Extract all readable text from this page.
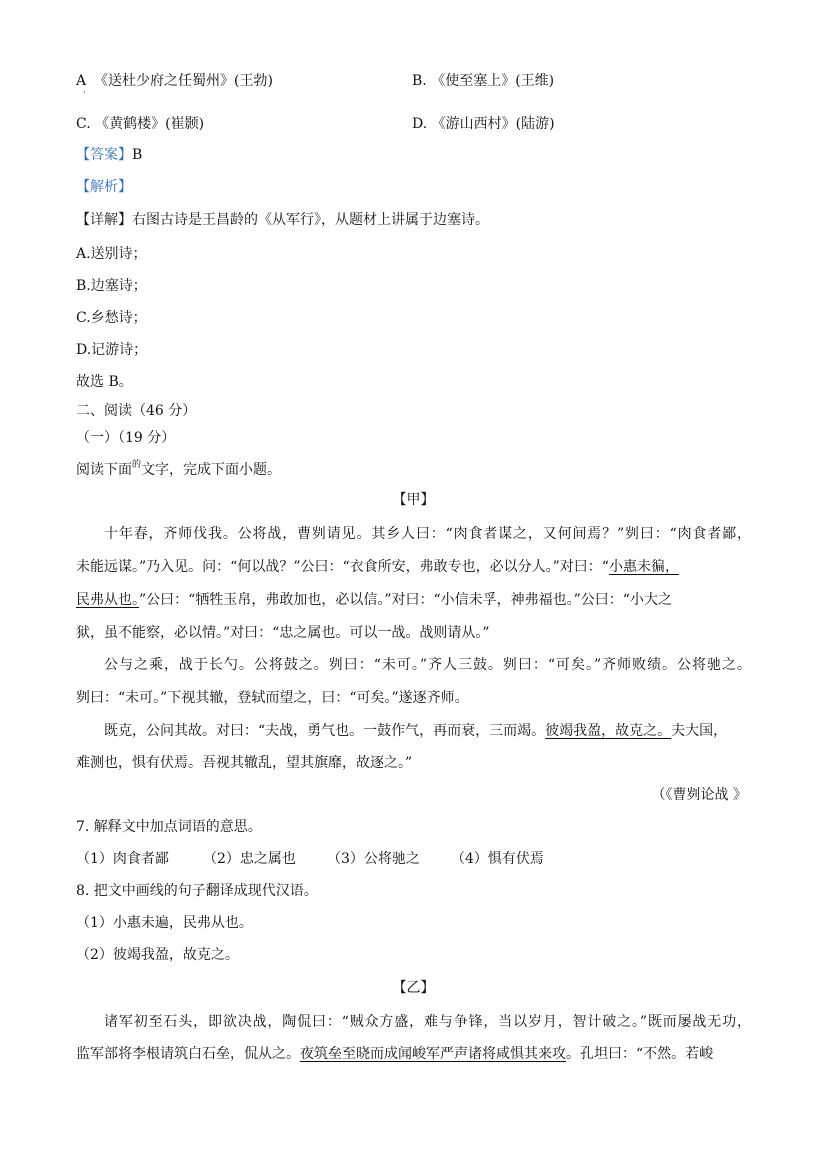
A
·
《送杜少府之任蜀州》(王勃)	B. 《使至塞上》(王维)
C. 《黄鹤楼》(崔颢)	D. 《游山西村》(陆游)
【答案】B
【解析】
【详解】右图古诗是王昌龄的《从军行》，从题材上讲属于边塞诗。
A.送别诗；
B.边塞诗；
C.乡愁诗；
D.记游诗；
故选 B。
二、阅读（46 分）
（一）（19 分）
阅读下面$^的$文字，完成下面小题。
【甲】
十年春，齐师伐我。公将战，曹刿请见。其乡人曰：“肉食者谋之，又何间焉？”刿曰：“肉食者鄙，
未能远谋。”乃入见。问：“何以战？”公曰：“衣食所安，弗敢专也，必以分人。”对曰：“小惠未徧，
民弗从也。”公曰：“牺牲玉帛，弗敢加也，必以信。”对曰：“小信未孚，神弗福也。”公曰：“小大之
狱，虽不能察，必以情。”对曰：“忠之属也。可以一战。战则请从。”
公与之乘，战于长勺。公将鼓之。刿曰：“未可。”齐人三鼓。刿曰：“可矣。”齐师败绩。公将驰之。
刿曰：“未可。”下视其辙，登轼而望之，曰：“可矣。”遂逐齐师。
既克，公问其故。对曰：“夫战，勇气也。一鼓作气，再而衰，三而竭。彼竭我盈，故克之。夫大国，
难测也，惧有伏焉。吾视其辙乱，望其旗靡，故逐之。”
（《曹刿论战 》
7. 解释文中加点词语的意思。
（1）肉食者鄙 （2）忠之属也 （3）公将驰之 （4）惧有伏焉
8. 把文中画线的句子翻译成现代汉语。
（1）小惠未遍，民弗从也。
（2）彼竭我盈，故克之。
【乙】
诸军初至石头，即欲决战，陶侃曰：“贼众方盛，难与争锋，当以岁月，智计破之。”既而屡战无功，
监军部将李根请筑白石垒，侃从之。夜筑垒至晓而成闻峻军严声诸将咸惧其来攻。孔坦曰：“不然。若峻
